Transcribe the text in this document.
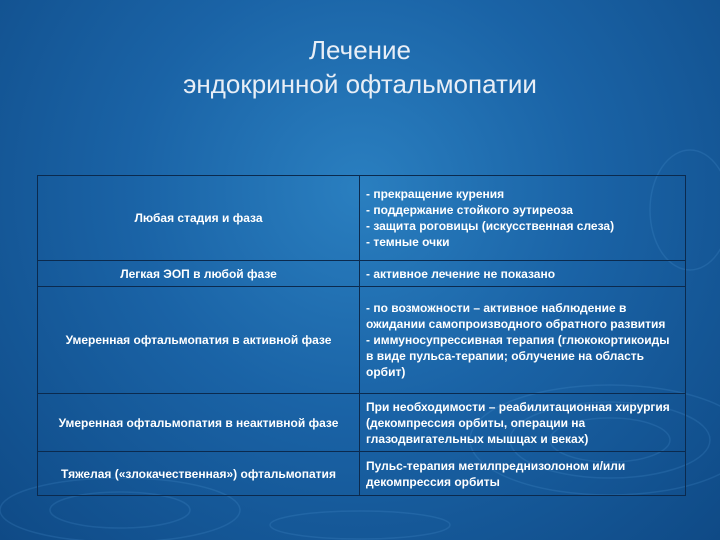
Лечение
эндокринной офтальмопатии
Любая стадия и фаза	- прекращение курения
- поддержание стойкого эутиреоза
- защита роговицы (искусственная слеза)
- темные очки

Легкая ЭОП в любой фазе	- активное лечение не показано

Умеренная офтальмопатия в активной фазе	- по возможности – активное наблюдение в ожидании самопроизводного обратного развития
- иммуносупрессивная терапия (глюкокортикоиды в виде пульса-терапии; облучение на область орбит)

Умеренная офтальмопатия в неактивной фазе	При необходимости – реабилитационная хирургия (декомпрессия орбиты, операции на глазодвигательных мышцах и веках)

Тяжелая («злокачественная») офтальмопатия	Пульс-терапия метилпреднизолоном и/или декомпрессия орбиты
